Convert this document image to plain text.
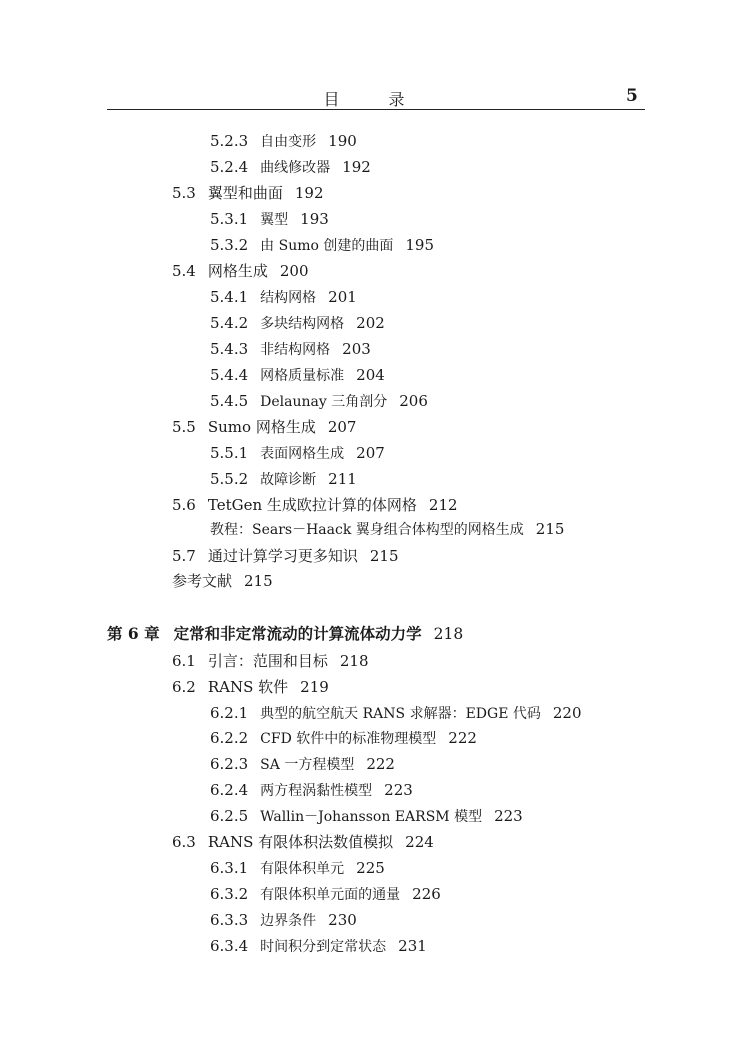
目 录	5
5.2.3 自由变形 190
5.2.4 曲线修改器 192
5.3 翼型和曲面 192
5.3.1 翼型 193
5.3.2 由 Sumo 创建的曲面 195
5.4 网格生成 200
5.4.1 结构网格 201
5.4.2 多块结构网格 202
5.4.3 非结构网格 203
5.4.4 网格质量标准 204
5.4.5 Delaunay 三角剖分 206
5.5 Sumo 网格生成 207
5.5.1 表面网格生成 207
5.5.2 故障诊断 211
5.6 TetGen 生成欧拉计算的体网格 212
教程：Sears－Haack 翼身组合体构型的网格生成 215
5.7 通过计算学习更多知识 215
参考文献 215
第 6 章 定常和非定常流动的计算流体动力学 218
6.1 引言：范围和目标 218
6.2 RANS 软件 219
6.2.1 典型的航空航天 RANS 求解器：EDGE 代码 220
6.2.2 CFD 软件中的标准物理模型 222
6.2.3 SA 一方程模型 222
6.2.4 两方程涡黏性模型 223
6.2.5 Wallin－Johansson EARSM 模型 223
6.3 RANS 有限体积法数值模拟 224
6.3.1 有限体积单元 225
6.3.2 有限体积单元面的通量 226
6.3.3 边界条件 230
6.3.4 时间积分到定常状态 231
